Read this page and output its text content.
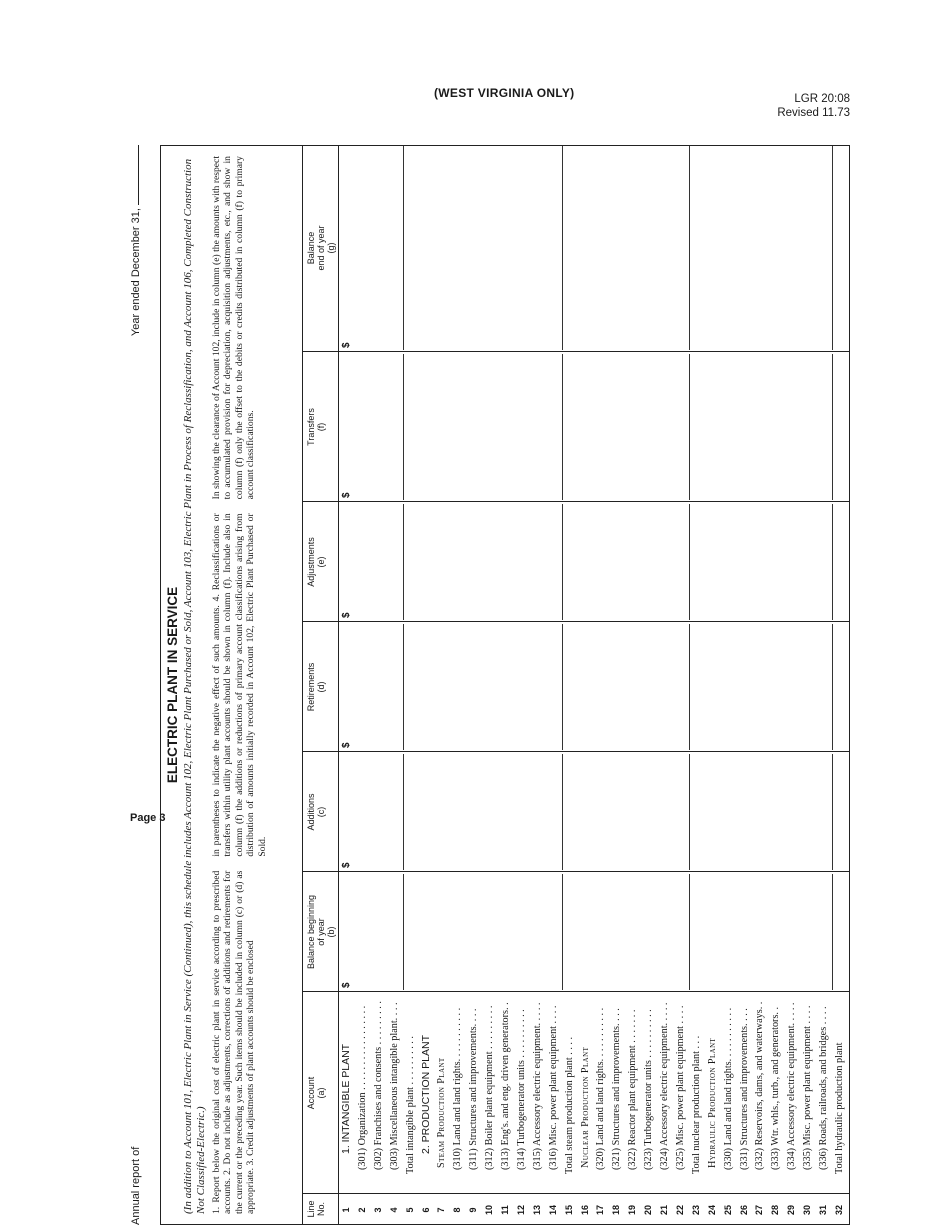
(WEST VIRGINIA ONLY)	LGR 20:08
Revised 11.73
Page 3
Annual report of
Year ended December 31,
ELECTRIC PLANT IN SERVICE (In addition to Account 101, Electric Plant in Service (Continued), this schedule includes Account 102, Electric Plant Purchased or Sold, Account 103, Electric Plant in Process of Reclassification, and Account 106, Completed Construction Not Classified-Electric.) 1. Report below the original cost of electric plant in service according to prescribed accounts. 2. Do not include as adjustments, corrections of additions and retirements for the current or the preceding year. Such items should be included in column (c) or (d) as appropriate. 3. Credit adjustments of plant accounts should be enclosed
in parentheses to indicate the negative effect of such amounts. 4. Reclassifications or transfers within utility plant accounts should be shown in column (f). Include also in column (f) the additions or reductions of primary account classifications arising from distribution of amounts initially recorded in Account 102, Electric Plant Purchased or Sold.
In showing the clearance of Account 102, include in column (e) the amounts with respect to accumulated provision for depreciation, acquisition adjustments, etc., and show in column (f) only the offset to the debits or credits distributed in column (f) to primary account classifications.
Line No.
Account (a)
Balance beginning of year (b)
Additions (c)
Retirements (d)
Adjustments (e)
Transfers (f)
Balance end of year (g)
$
$
$
$
$
$
1
1. INTANGIBLE PLANT
2
(301) Organization . . . . . . . . . . . . . . . . .
3
(302) Franchises and consents . . . . . . . . .
4
(303) Miscellaneous intangible plant. . . .
5
Total intangible plant . . . . . . . . . .
6
2. PRODUCTION PLANT
7
Steam Production Plant
8
(310) Land and land rights. . . . . . . . . . .
9
(311) Structures and improvements. . . .
10
(312) Boiler plant equipment . . . . . . . . .
11
(313) Eng's. and eng. driven generators. .
12
(314) Turbogenerator units . . . . . . . . . .
13
(315) Accessory electric equipment. . . . .
14
(316) Misc. power plant equipment . . . .
15
Total steam production plant . . . .
16
Nuclear Production Plant
17
(320) Land and land rights. . . . . . . . . . .
18
(321) Structures and improvements. . . .
19
(322) Reactor plant equipment . . . . . . .
20
(323) Turbogenerator units . . . . . . . . . .
21
(324) Accessory electric equipment. . . . .
22
(325) Misc. power plant equipment . . . .
23
Total nuclear production plant . . .
24
Hydraulic Production Plant
25
(330) Land and land rights. . . . . . . . . . .
26
(331) Structures and improvements. . . .
27
(332) Reservoirs, dams, and waterways. .
28
(333) Wtr. whls., turb., and generators. .
29
(334) Accessory electric equipment. . . . .
30
(335) Misc. power plant equipment . . . .
31
(336) Roads, railroads, and bridges . . . .
32
Total hydraulic production plant
